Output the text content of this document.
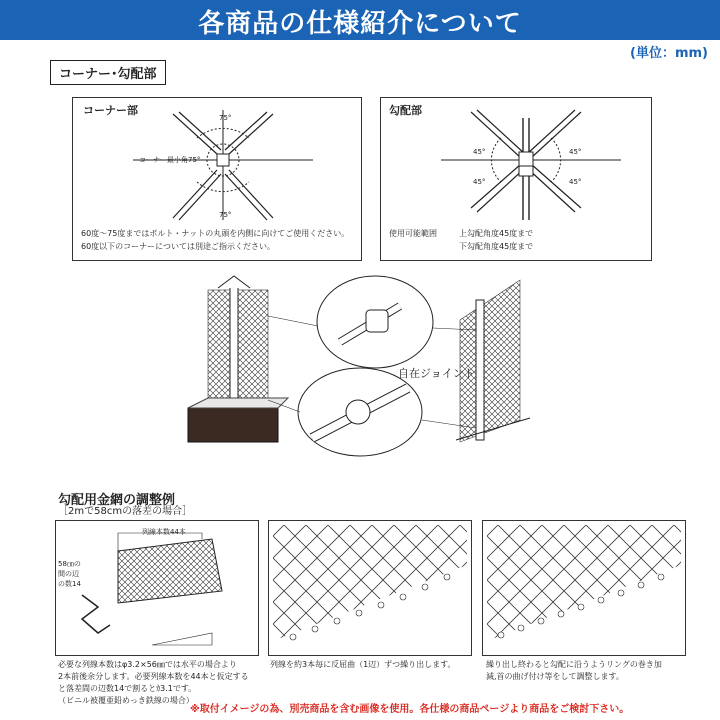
各商品の仕様紹介について
(単位：mm)
コーナー･勾配部
コーナー部
75°
75°
コーナー最小角75°
60度～75度まではボルト・ナットの丸頭を内側に向けてご使用ください。
60度以下のコーナーについては別途ご指示ください。
勾配部
45°	45°
45°	45°
使用可能範囲	上勾配角度45度まで
下勾配角度45度まで
自在ジョイント
勾配用金網の調整例
［2mで58cmの落差の場合］
列線本数44本
58㎝の
間の辺
の数14
必要な列線本数はφ3.2×56㎜では水平の場合より
2本前後余分します。必要列線本数を44本と仮定する
と落差間の辺数14で割るとｶ3.1です。
（ビニル被覆亜鉛めっき鉄線の場合）
列線を約3本毎に反屈曲（1辺）ずつ繰り出します。	繰り出し終わると勾配に沿うようリングの巻き加
減,首の曲げ付け等をして調整します。
※取付イメージの為、別売商品を含む画像を使用。各仕様の商品ページより商品をご検討下さい。
